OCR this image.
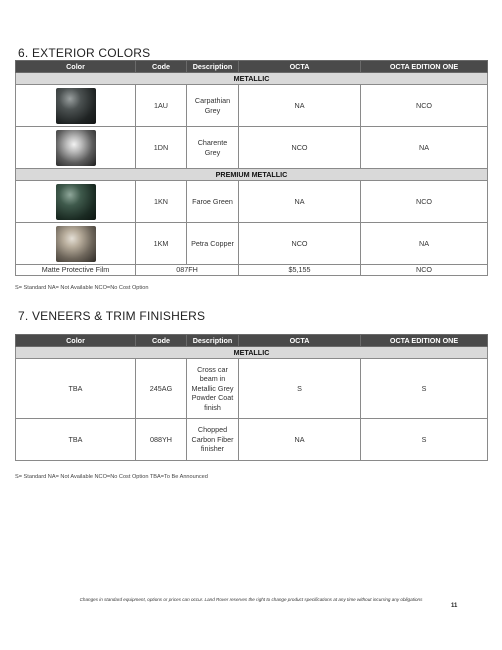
6. EXTERIOR COLORS
Color	Code	Description	OCTA	OCTA EDITION ONE
METALLIC				

	1AU	Carpathian Grey	NA	NCO

	1DN	Charente Grey	NCO	NA
PREMIUM METALLIC				

	1KN	Faroe Green	NA	NCO

	1KM	Petra Copper	NCO	NA
Matte Protective Film	087FH		$5,155	NCO
S= Standard NA= Not Available NCO=No Cost Option
7. VENEERS & TRIM FINISHERS
Color	Code	Description	OCTA	OCTA EDITION ONE
METALLIC				
TBA	245AG	Cross car beam in Metallic Grey Powder Coat finish	S	S
TBA	088YH	Chopped Carbon Fiber finisher	NA	S
S= Standard NA= Not Available NCO=No Cost Option TBA=To Be Announced
Changes in standard equipment, options or prices can occur. Land Rover reserves the right to change product specifications at any time without incurring any obligations
11
